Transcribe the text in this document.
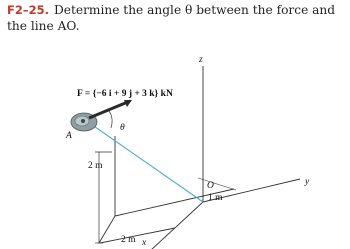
F2–25. Determine the angle θ between the force and the line AO.
F = {−6 i + 9 j + 3 k} kN
θ
A
O
x
y
z
2 m
1 m
2 m
